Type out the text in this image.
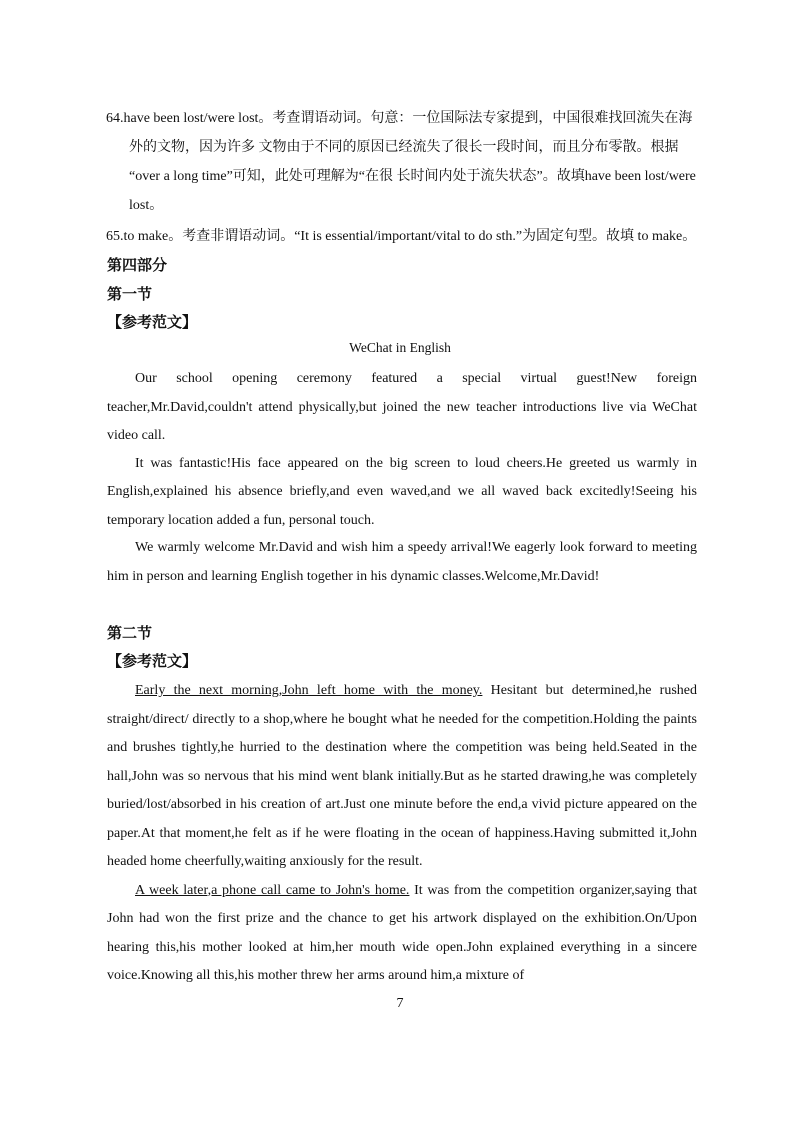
64.have been lost/were lost。考查谓语动词。句意：一位国际法专家提到，中国很难找回流失在海

外的文物，因为许多 文物由于不同的原因已经流失了很长一段时间，而且分布零散。根据

“over a long time”可知，此处可理解为“在很 长时间内处于流失状态”。故填have been lost/were

lost。

65.to make。考查非谓语动词。“It is essential/important/vital to do sth.”为固定句型。故填 to make。

第四部分
第一节
【参考范文】
WeChat in English

Our school opening ceremony featured a special virtual guest!New foreign teacher,Mr.David,couldn't attend physically,but joined the new teacher introductions live via WeChat video call.

It was fantastic!His face appeared on the big screen to loud cheers.He greeted us warmly in English,explained his absence briefly,and even waved,and we all waved back excitedly!Seeing his temporary location added a fun, personal touch.

We warmly welcome Mr.David and wish him a speedy arrival!We eagerly look forward to meeting him in person and learning English together in his dynamic classes.Welcome,Mr.David!

第二节
【参考范文】

Early the next morning,John left home with the money. Hesitant but determined,he rushed straight/direct/ directly to a shop,where he bought what he needed for the competition.Holding the paints and brushes tightly,he hurried to the destination where the competition was being held.Seated in the hall,John was so nervous that his mind went blank initially.But as he started drawing,he was completely buried/lost/absorbed in his creation of art.Just one minute before the end,a vivid picture appeared on the paper.At that moment,he felt as if he were floating in the ocean of happiness.Having submitted it,John headed home cheerfully,waiting anxiously for the result.

A week later,a phone call came to John's home. It was from the competition organizer,saying that John had won the first prize and the chance to get his artwork displayed on the exhibition.On/Upon hearing this,his mother looked at him,her mouth wide open.John explained everything in a sincere voice.Knowing all this,his mother threw her arms around him,a mixture of

7
